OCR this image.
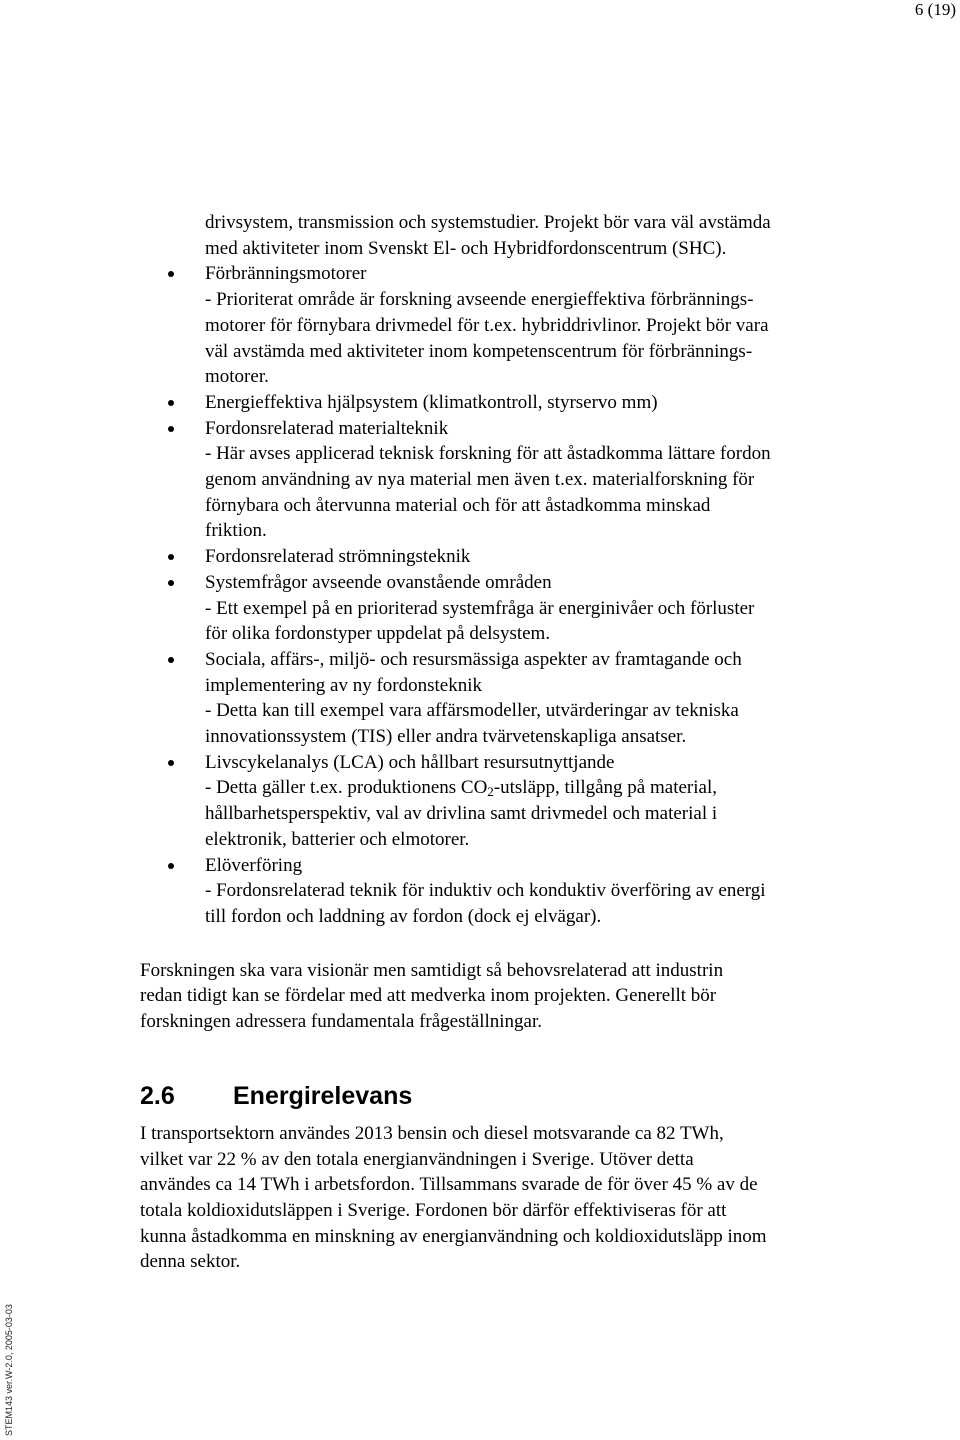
6 (19)
drivsystem, transmission och systemstudier. Projekt bör vara väl avstämda
med aktiviteter inom Svenskt El- och Hybridfordonscentrum (SHC).
Förbränningsmotorer
- Prioriterat område är forskning avseende energieffektiva förbrännings-
motorer för förnybara drivmedel för t.ex. hybriddrivlinor. Projekt bör vara
väl avstämda med aktiviteter inom kompetenscentrum för förbrännings-
motorer.
Energieffektiva hjälpsystem (klimatkontroll, styrservo mm)
Fordonsrelaterad materialteknik
- Här avses applicerad teknisk forskning för att åstadkomma lättare fordon
genom användning av nya material men även t.ex. materialforskning för
förnybara och återvunna material och för att åstadkomma minskad
friktion.
Fordonsrelaterad strömningsteknik
Systemfrågor avseende ovanstående områden
- Ett exempel på en prioriterad systemfråga är energinivåer och förluster
för olika fordonstyper uppdelat på delsystem.
Sociala, affärs-, miljö- och resursmässiga aspekter av framtagande och
implementering av ny fordonsteknik
- Detta kan till exempel vara affärsmodeller, utvärderingar av tekniska
innovationssystem (TIS) eller andra tvärvetenskapliga ansatser.
Livscykelanalys (LCA) och hållbart resursutnyttjande
- Detta gäller t.ex. produktionens $CO_2$-utsläpp, tillgång på material,
hållbarhetsperspektiv, val av drivlina samt drivmedel och material i
elektronik, batterier och elmotorer.
Elöverföring
- Fordonsrelaterad teknik för induktiv och konduktiv överföring av energi
till fordon och laddning av fordon (dock ej elvägar).
Forskningen ska vara visionär men samtidigt så behovsrelaterad att industrin
redan tidigt kan se fördelar med att medverka inom projekten. Generellt bör
forskningen adressera fundamentala frågeställningar.
2.6 Energirelevans
I transportsektorn användes 2013 bensin och diesel motsvarande ca 82 TWh,
vilket var 22 % av den totala energianvändningen i Sverige. Utöver detta
användes ca 14 TWh i arbetsfordon. Tillsammans svarade de för över 45 % av de
totala koldioxidutsläppen i Sverige. Fordonen bör därför effektiviseras för att
kunna åstadkomma en minskning av energianvändning och koldioxidutsläpp inom
denna sektor.
STEM143 ver.W-2.0, 2005-03-03
